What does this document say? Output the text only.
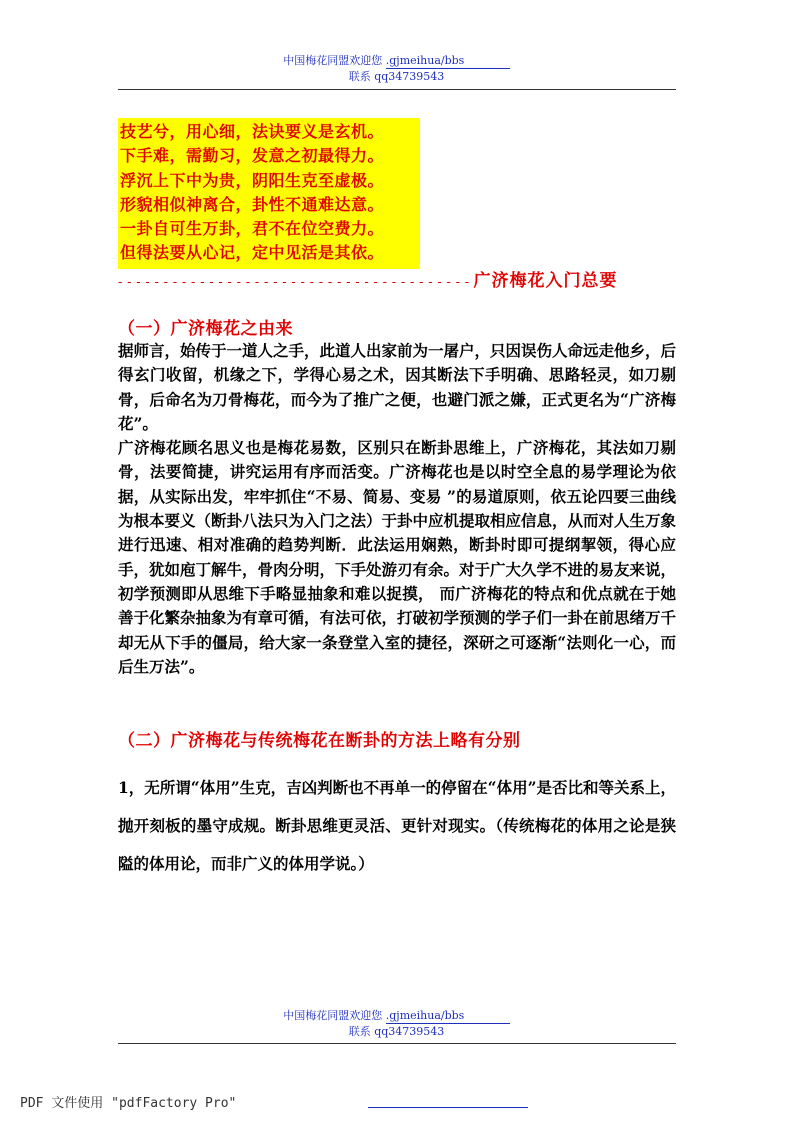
中国梅花同盟欢迎您 .gjmeihua/bbs
联系 qq34739543
技艺兮，用心细，法诀要义是玄机。
下手难，需勤习，发意之初最得力。
浮沉上下中为贵，阴阳生克至虚极。
形貌相似神离合，卦性不通难达意。
一卦自可生万卦，君不在位空费力。
但得法要从心记，定中见活是其依。
- - - - - - - - - - - - - - - - - - - - - - - - - - - - - - - - - - - - - - - 广济梅花入门总要
（一）广济梅花之由来

据师言，始传于一道人之手，此道人出家前为一屠户，只因误伤人命远走他乡，后得玄门收留，机缘之下，学得心易之术，因其断法下手明确、思路轻灵，如刀剔骨，后命名为刀骨梅花，而今为了推广之便，也避门派之嫌，正式更名为“广济梅花”。

广济梅花顾名思义也是梅花易数，区别只在断卦思维上，广济梅花，其法如刀剔骨，法要简捷，讲究运用有序而活变。广济梅花也是以时空全息的易学理论为依据，从实际出发，牢牢抓住“不易、简易、变易 ”的易道原则，依五论四要三曲线为根本要义（断卦八法只为入门之法）于卦中应机提取相应信息，从而对人生万象进行迅速、相对准确的趋势判断．此法运用娴熟，断卦时即可提纲挈领，得心应手，犹如庖丁解牛，骨肉分明，下手处游刃有余。对于广大久学不进的易友来说，初学预测即从思维下手略显抽象和难以捉摸， 而广济梅花的特点和优点就在于她善于化繁杂抽象为有章可循，有法可依，打破初学预测的学子们一卦在前思绪万千却无从下手的僵局，给大家一条登堂入室的捷径，深研之可逐渐“法则化一心，而后生万法”。

（二）广济梅花与传统梅花在断卦的方法上略有分别

1，无所谓“体用”生克，吉凶判断也不再单一的停留在“体用”是否比和等关系上，抛开刻板的墨守成规。断卦思维更灵活、更针对现实。（传统梅花的体用之论是狭隘的体用论，而非广义的体用学说。）

中国梅花同盟欢迎您 .gjmeihua/bbs
联系 qq34739543
PDF 文件使用 "pdfFactory Pro"
